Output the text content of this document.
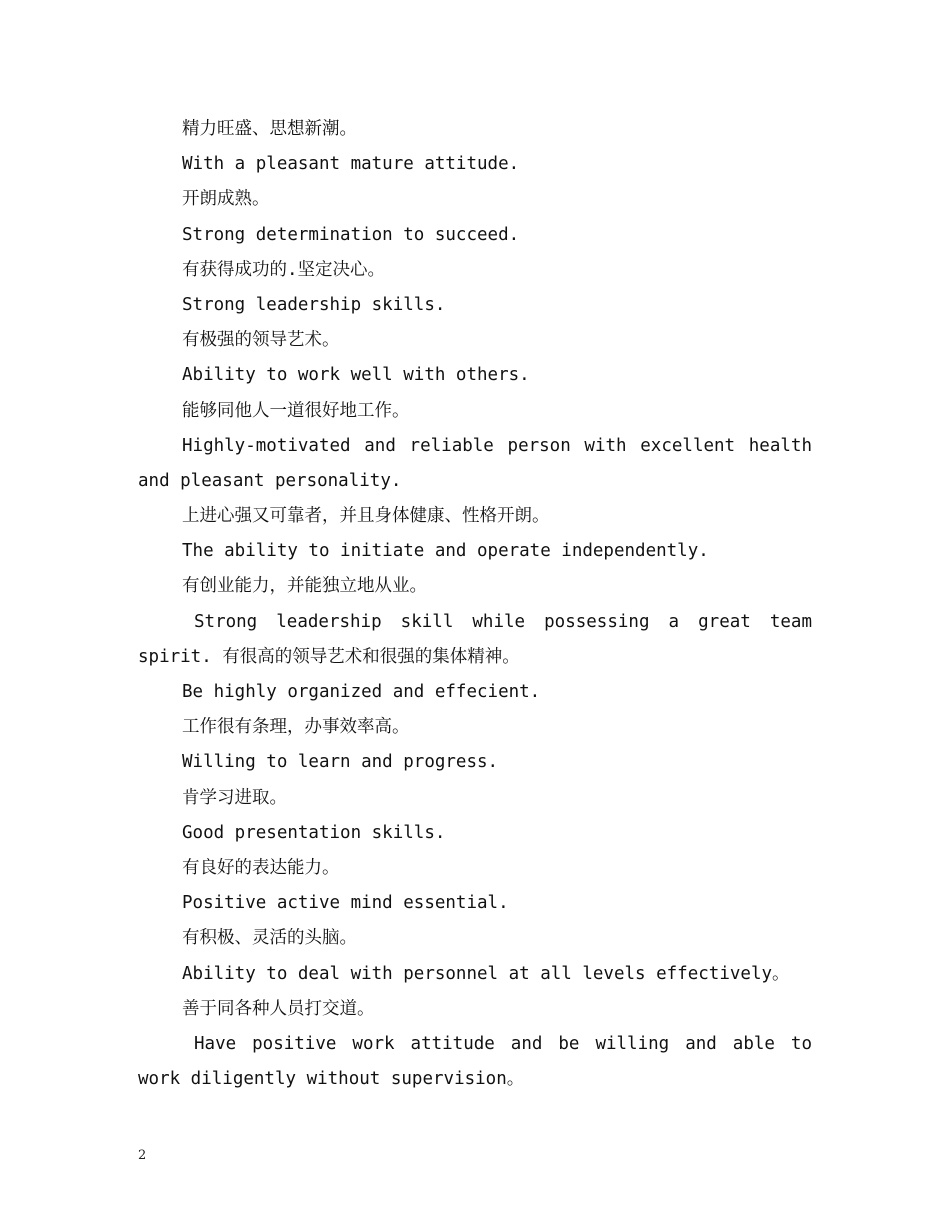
精力旺盛、思想新潮。
With a pleasant mature attitude.
开朗成熟。
Strong determination to succeed.
有获得成功的.坚定决心。
Strong leadership skills.
有极强的领导艺术。
Ability to work well with others.
能够同他人一道很好地工作。
Highly-motivated and reliable person with excellent health and pleasant personality.
上进心强又可靠者，并且身体健康、性格开朗。
The ability to initiate and operate independently.
有创业能力，并能独立地从业。
Strong leadership skill while possessing a great team spirit. 有很高的领导艺术和很强的集体精神。
Be highly organized and effecient.
工作很有条理，办事效率高。
Willing to learn and progress.
肯学习进取。
Good presentation skills.
有良好的表达能力。
Positive active mind essential.
有积极、灵活的头脑。
Ability to deal with personnel at all levels effectively。
善于同各种人员打交道。
Have positive work attitude and be willing and able to work diligently without supervision。
2
